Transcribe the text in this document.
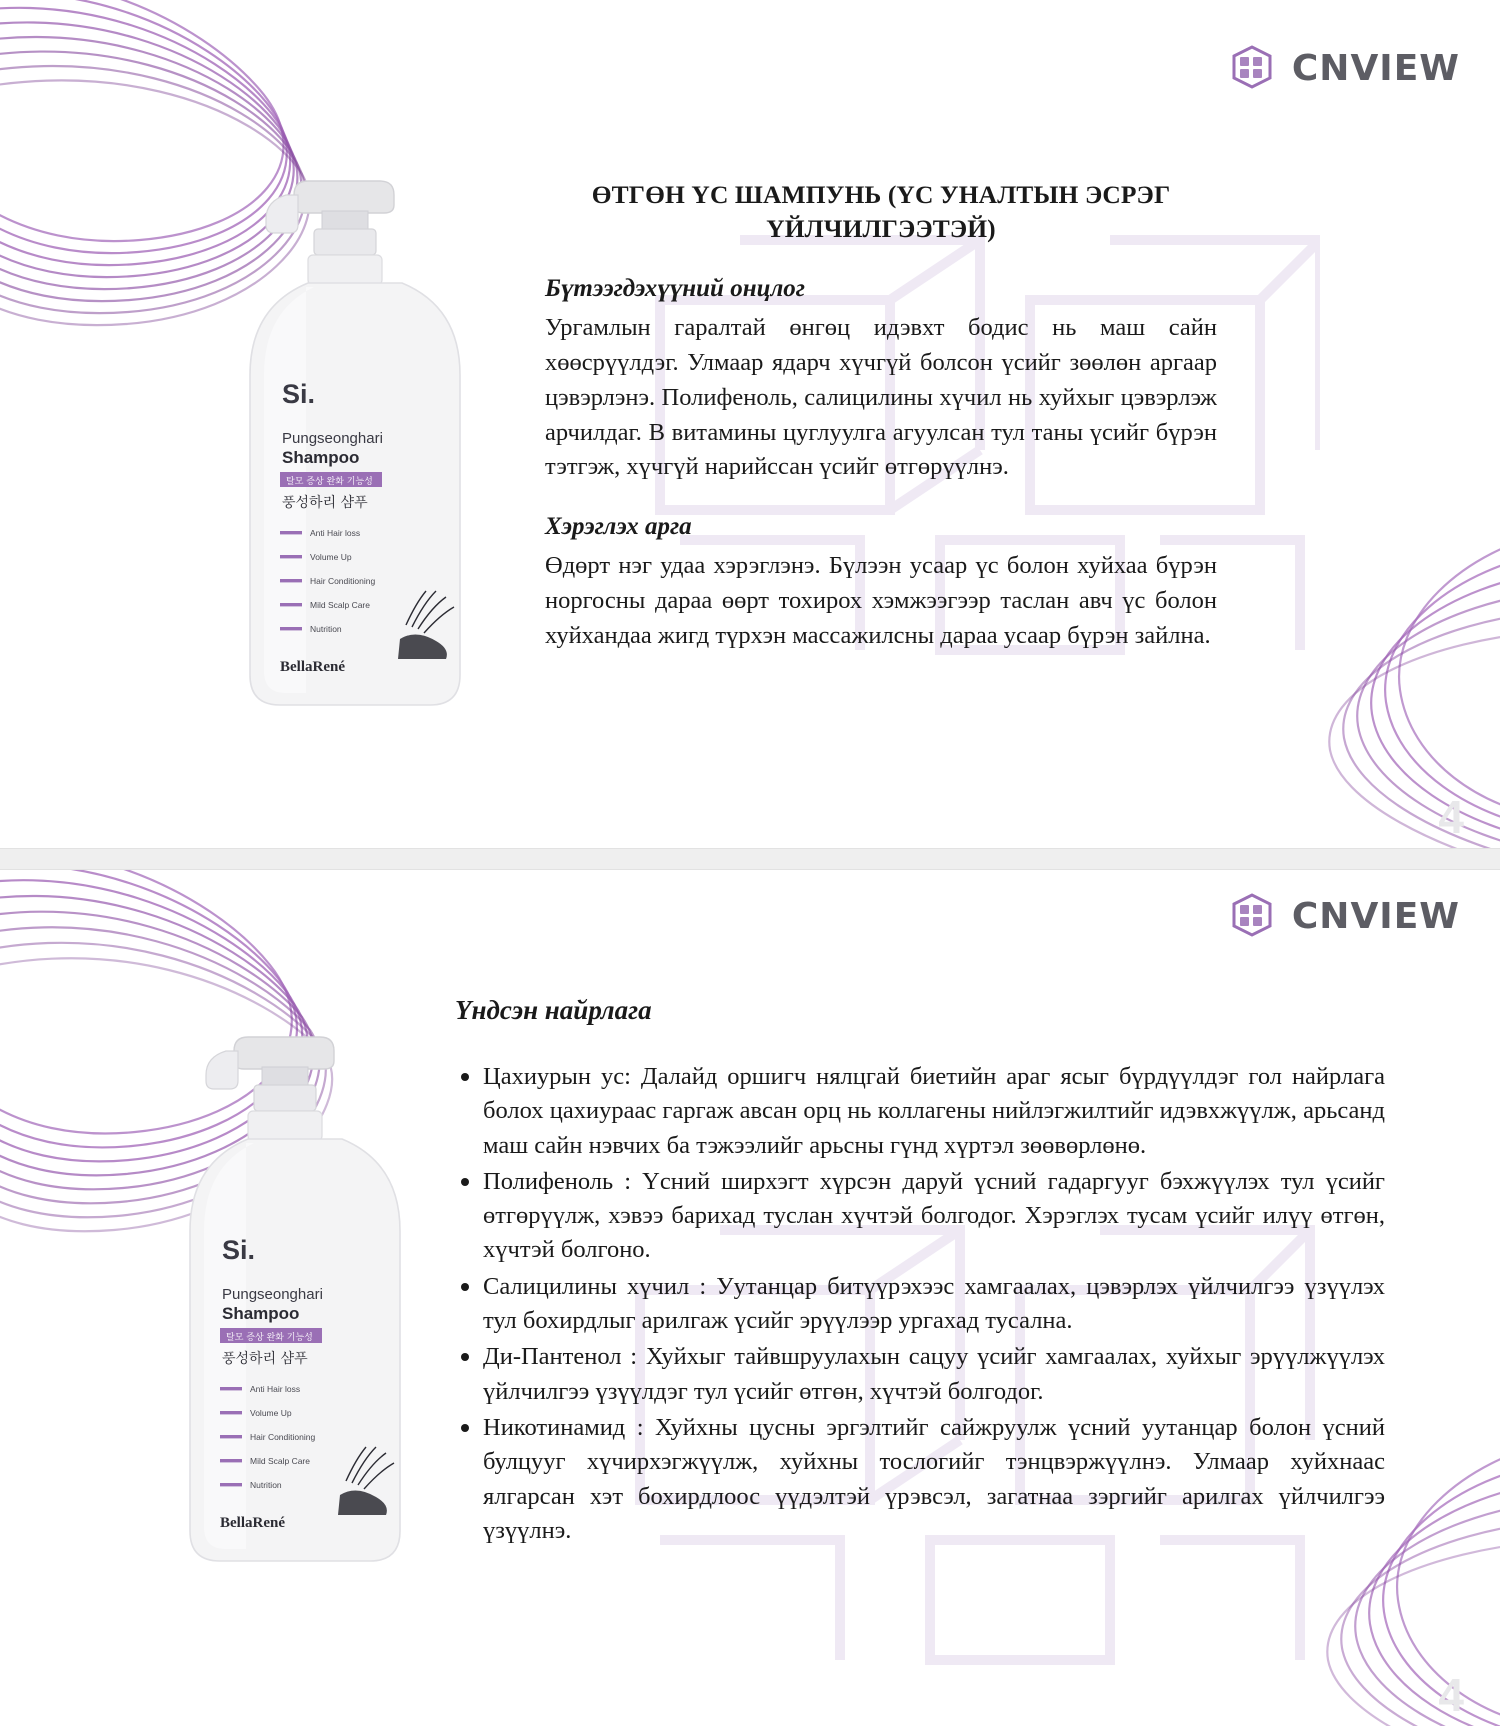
CNVIEW
4
Si.
Pungseonghari
Shampoo
탈모 증상 완화 기능성
풍성하리 샴푸
Anti Hair loss
Volume Up
Hair Conditioning
Mild Scalp Care
Nutrition
BellaRené
ӨТГӨН ҮС ШАМПУНЬ (ҮС УНАЛТЫН ЭСРЭГ ҮЙЛЧИЛГЭЭТЭЙ)
Бүтээгдэхүүний онцлог

Ургамлын гаралтай өнгөц идэвхт бодис нь маш сайн хөөсрүүлдэг. Улмаар ядарч хүчгүй болсон үсийг зөөлөн аргаар цэвэрлэнэ. Полифеноль, салицилины хүчил нь хуйхыг цэвэрлэж арчилдаг. В витамины цуглуулга агуулсан тул таны үсийг бүрэн тэтгэж, хүчгүй нарийссан үсийг өтгөрүүлнэ.

Хэрэглэх арга

Өдөрт нэг удаа хэрэглэнэ. Бүлээн усаар үс болон хуйхаа бүрэн норгосны дараа өөрт тохирох хэмжээгээр таслан авч үс болон хуйхандаа жигд түрхэн массажилсны дараа усаар бүрэн зайлна.

CNVIEW
4
Si.
Pungseonghari
Shampoo
탈모 증상 완화 기능성
풍성하리 샴푸
Anti Hair loss
Volume Up
Hair Conditioning
Mild Scalp Care
Nutrition
BellaRené
Үндсэн найрлага
Цахиурын ус: Далайд оршигч нялцгай биетийн араг ясыг бүрдүүлдэг гол найрлага болох цахиураас гаргаж авсан орц нь коллагены нийлэгжилтийг идэвхжүүлж, арьсанд маш сайн нэвчих ба тэжээлийг арьсны гүнд хүртэл зөөвөрлөнө.
Полифеноль : Үсний ширхэгт хүрсэн даруй үсний гадаргууг бэхжүүлэх тул үсийг өтгөрүүлж, хэвээ барихад туслан хүчтэй болгодог. Хэрэглэх тусам үсийг илүү өтгөн, хүчтэй болгоно.
Салицилины хүчил : Уутанцар битүүрэхээс хамгаалах, цэвэрлэх үйлчилгээ үзүүлэх тул бохирдлыг арилгаж үсийг эрүүлээр ургахад тусална.
Ди-Пантенол : Хуйхыг тайвшруулахын сацуу үсийг хамгаалах, хуйхыг эрүүлжүүлэх үйлчилгээ үзүүлдэг тул үсийг өтгөн, хүчтэй болгодог.
Никотинамид : Хуйхны цусны эргэлтийг сайжруулж үсний уутанцар болон үсний булцууг хүчирхэгжүүлж, хуйхны тослогийг тэнцвэржүүлнэ. Улмаар хуйхнаас ялгарсан хэт бохирдлоос үүдэлтэй үрэвсэл, загатнаа зэргийг арилгах үйлчилгээ үзүүлнэ.
